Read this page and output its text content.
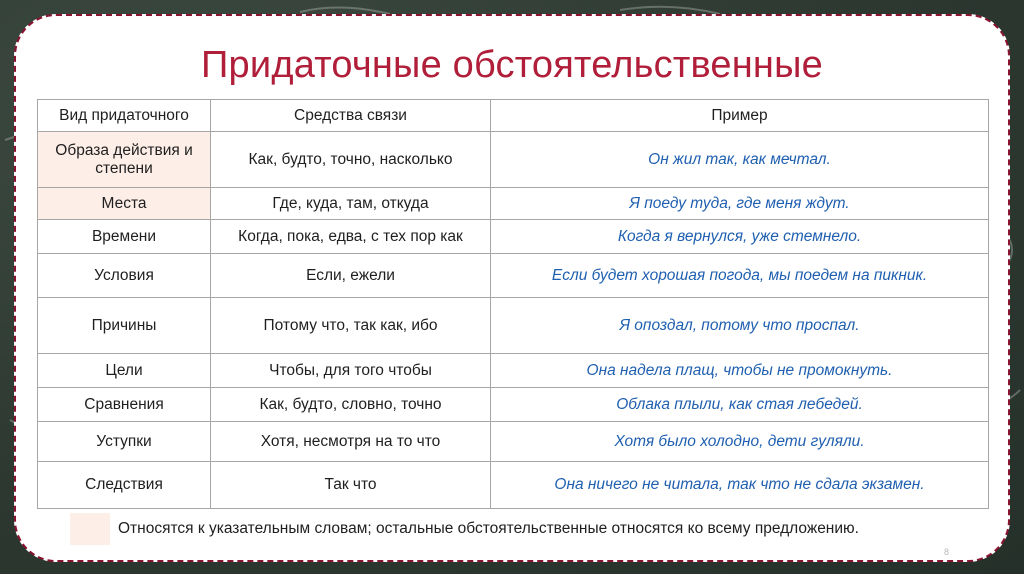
Придаточные обстоятельственные
Вид придаточного	Средства связи	Пример
Образа действия и степени	Как, будто, точно, насколько	Он жил так, как мечтал.
Места	Где, куда, там, откуда	Я поеду туда, где меня ждут.
Времени	Когда, пока, едва, с тех пор как	Когда я вернулся, уже стемнело.
Условия	Если, ежели	Если будет хорошая погода, мы поедем на пикник.
Причины	Потому что, так как, ибо	Я опоздал, потому что проспал.
Цели	Чтобы, для того чтобы	Она надела плащ, чтобы не промокнуть.
Сравнения	Как, будто, словно, точно	Облака плыли, как стая лебедей.
Уступки	Хотя, несмотря на то что	Хотя было холодно, дети гуляли.
Следствия	Так что	Она ничего не читала, так что не сдала экзамен.
Относятся к указательным словам; остальные обстоятельственные относятся ко всему предложению.
8
